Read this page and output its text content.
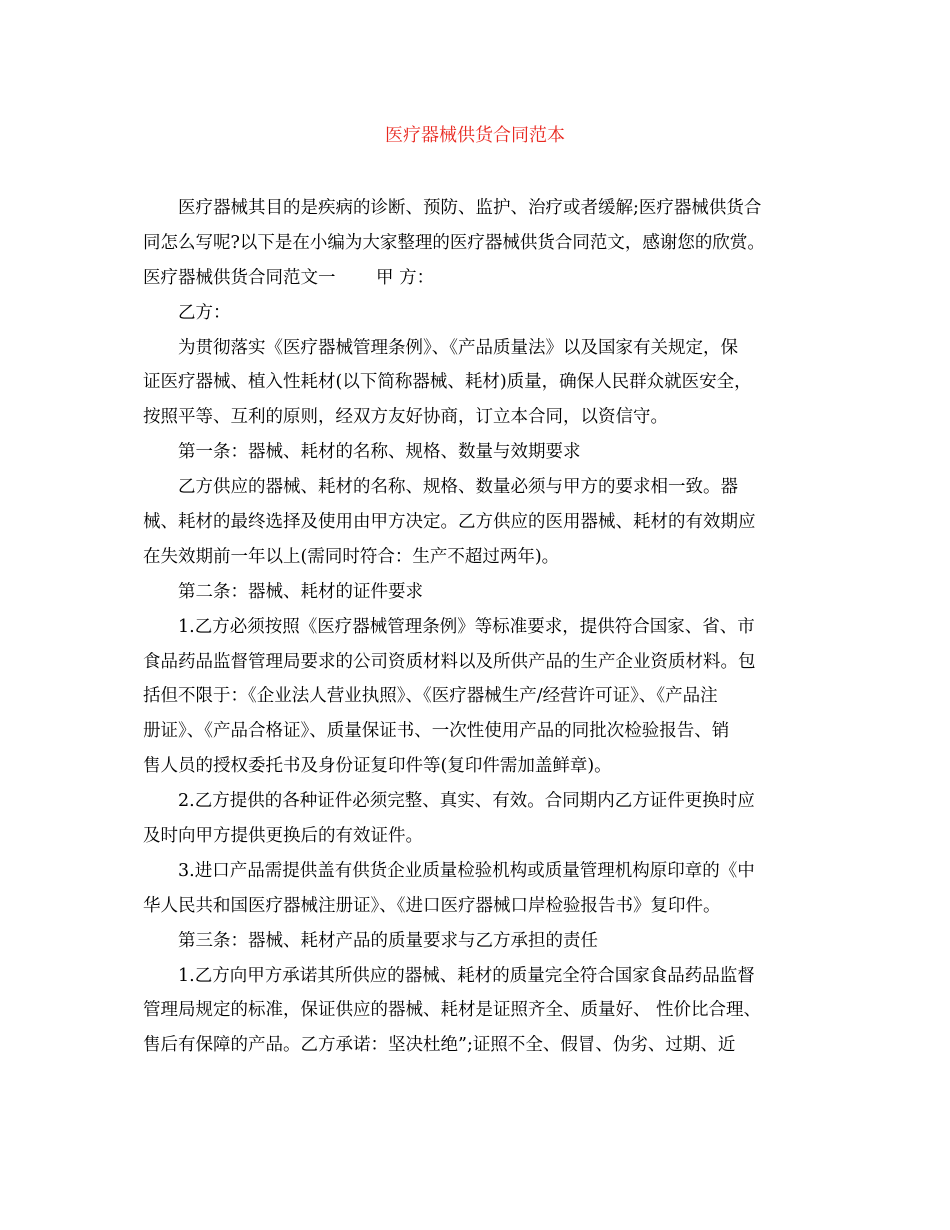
医疗器械供货合同范本
医疗器械其目的是疾病的诊断、预防、监护、治疗或者缓解;医疗器械供货合
同怎么写呢?以下是在小编为大家整理的医疗器械供货合同范文，感谢您的欣赏。
医疗器械供货合同范文一　　 甲 方：
乙方：
为贯彻落实《医疗器械管理条例》、《产品质量法》以及国家有关规定，保
证医疗器械、植入性耗材(以下简称器械、耗材)质量，确保人民群众就医安全，
按照平等、互利的原则，经双方友好协商，订立本合同，以资信守。
第一条：器械、耗材的名称、规格、数量与效期要求
乙方供应的器械、耗材的名称、规格、数量必须与甲方的要求相一致。器
械、耗材的最终选择及使用由甲方决定。乙方供应的医用器械、耗材的有效期应
在失效期前一年以上(需同时符合：生产不超过两年)。
第二条：器械、耗材的证件要求
1.乙方必须按照《医疗器械管理条例》等标准要求，提供符合国家、省、市
食品药品监督管理局要求的公司资质材料以及所供产品的生产企业资质材料。包
括但不限于：《企业法人营业执照》、《医疗器械生产/经营许可证》、《产品注
册证》、《产品合格证》、质量保证书、一次性使用产品的同批次检验报告、销
售人员的授权委托书及身份证复印件等(复印件需加盖鲜章)。
2.乙方提供的各种证件必须完整、真实、有效。合同期内乙方证件更换时应
及时向甲方提供更换后的有效证件。
3.进口产品需提供盖有供货企业质量检验机构或质量管理机构原印章的《中
华人民共和国医疗器械注册证》、《进口医疗器械口岸检验报告书》复印件。
第三条：器械、耗材产品的质量要求与乙方承担的责任
1.乙方向甲方承诺其所供应的器械、耗材的质量完全符合国家食品药品监督
管理局规定的标准，保证供应的器械、耗材是证照齐全、质量好、 性价比合理、
售后有保障的产品。乙方承诺：坚决杜绝”;证照不全、假冒、伪劣、过期、近
